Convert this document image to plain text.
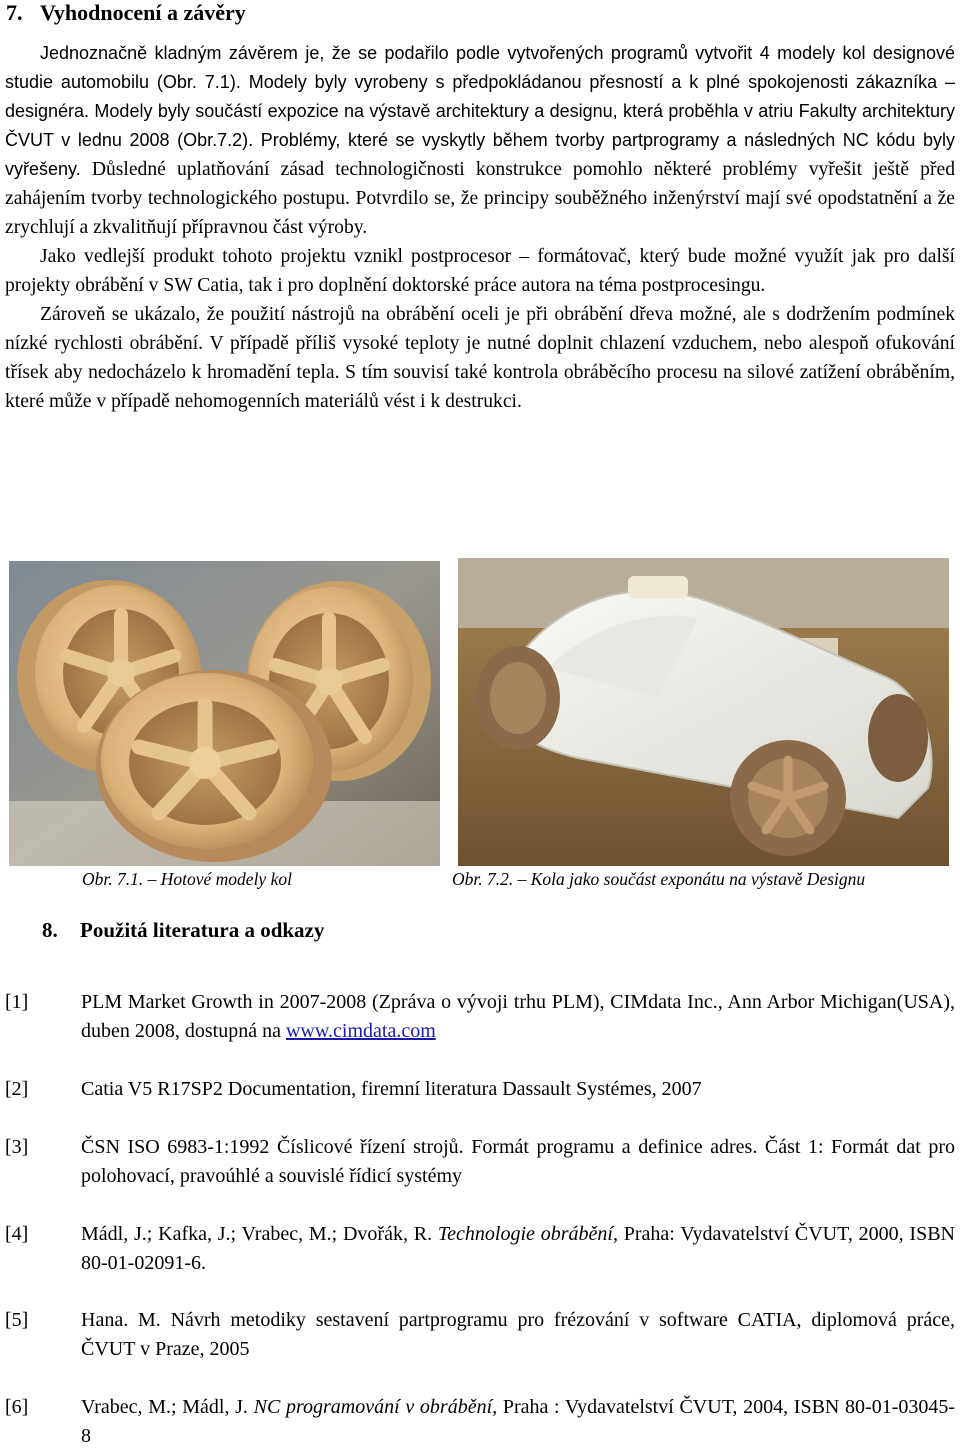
7. Vyhodnocení a závěry

Jednoznačně kladným závěrem je, že se podařilo podle vytvořených programů vytvořit 4 modely kol designové studie automobilu (Obr. 7.1). Modely byly vyrobeny s předpokládanou přesností a k plné spokojenosti zákazníka – designéra. Modely byly součástí expozice na výstavě architektury a designu, která proběhla v atriu Fakulty architektury ČVUT v lednu 2008 (Obr.7.2). Problémy, které se vyskytly během tvorby partprogramy a následných NC kódu byly vyřešeny. Důsledné uplatňování zásad technologičnosti konstrukce pomohlo některé problémy vyřešit ještě před zahájením tvorby technologického postupu. Potvrdilo se, že principy souběžného inženýrství mají své opodstatnění a že zrychlují a zkvalitňují přípravnou část výroby.

Jako vedlejší produkt tohoto projektu vznikl postprocesor – formátovač, který bude možné využít jak pro další projekty obrábění v SW Catia, tak i pro doplnění doktorské práce autora na téma postprocesingu.

Zároveň se ukázalo, že použití nástrojů na obrábění oceli je při obrábění dřeva možné, ale s dodržením podmínek nízké rychlosti obrábění. V případě příliš vysoké teploty je nutné doplnit chlazení vzduchem, nebo alespoň ofukování třísek aby nedocházelo k hromadění tepla. S tím souvisí také kontrola obráběcího procesu na silové zatížení obráběním, které může v případě nehomogenních materiálů vést i k destrukci.

Obr. 7.1. – Hotové modely kol	Obr. 7.2. – Kola jako součást exponátu na výstavě Designu
8. Použitá literatura a odkazy
[1]	PLM Market Growth in 2007-2008 (Zpráva o vývoji trhu PLM), CIMdata Inc., Ann Arbor Michigan(USA), duben 2008, dostupná na www.cimdata.com
[2]	Catia V5 R17SP2 Documentation, firemní literatura Dassault Systémes, 2007
[3]	ČSN ISO 6983-1:1992 Číslicové řízení strojů. Formát programu a definice adres. Část 1: Formát dat pro polohovací, pravoúhlé a souvislé řídicí systémy
[4]	Mádl, J.; Kafka, J.; Vrabec, M.; Dvořák, R. Technologie obrábění, Praha: Vydavatelství ČVUT, 2000, ISBN 80-01-02091-6.
[5]	Hana. M. Návrh metodiky sestavení partprogramu pro frézování v software CATIA, diplomová práce, ČVUT v Praze, 2005
[6]	Vrabec, M.; Mádl, J. NC programování v obrábění, Praha : Vydavatelství ČVUT, 2004, ISBN 80-01-03045-8
